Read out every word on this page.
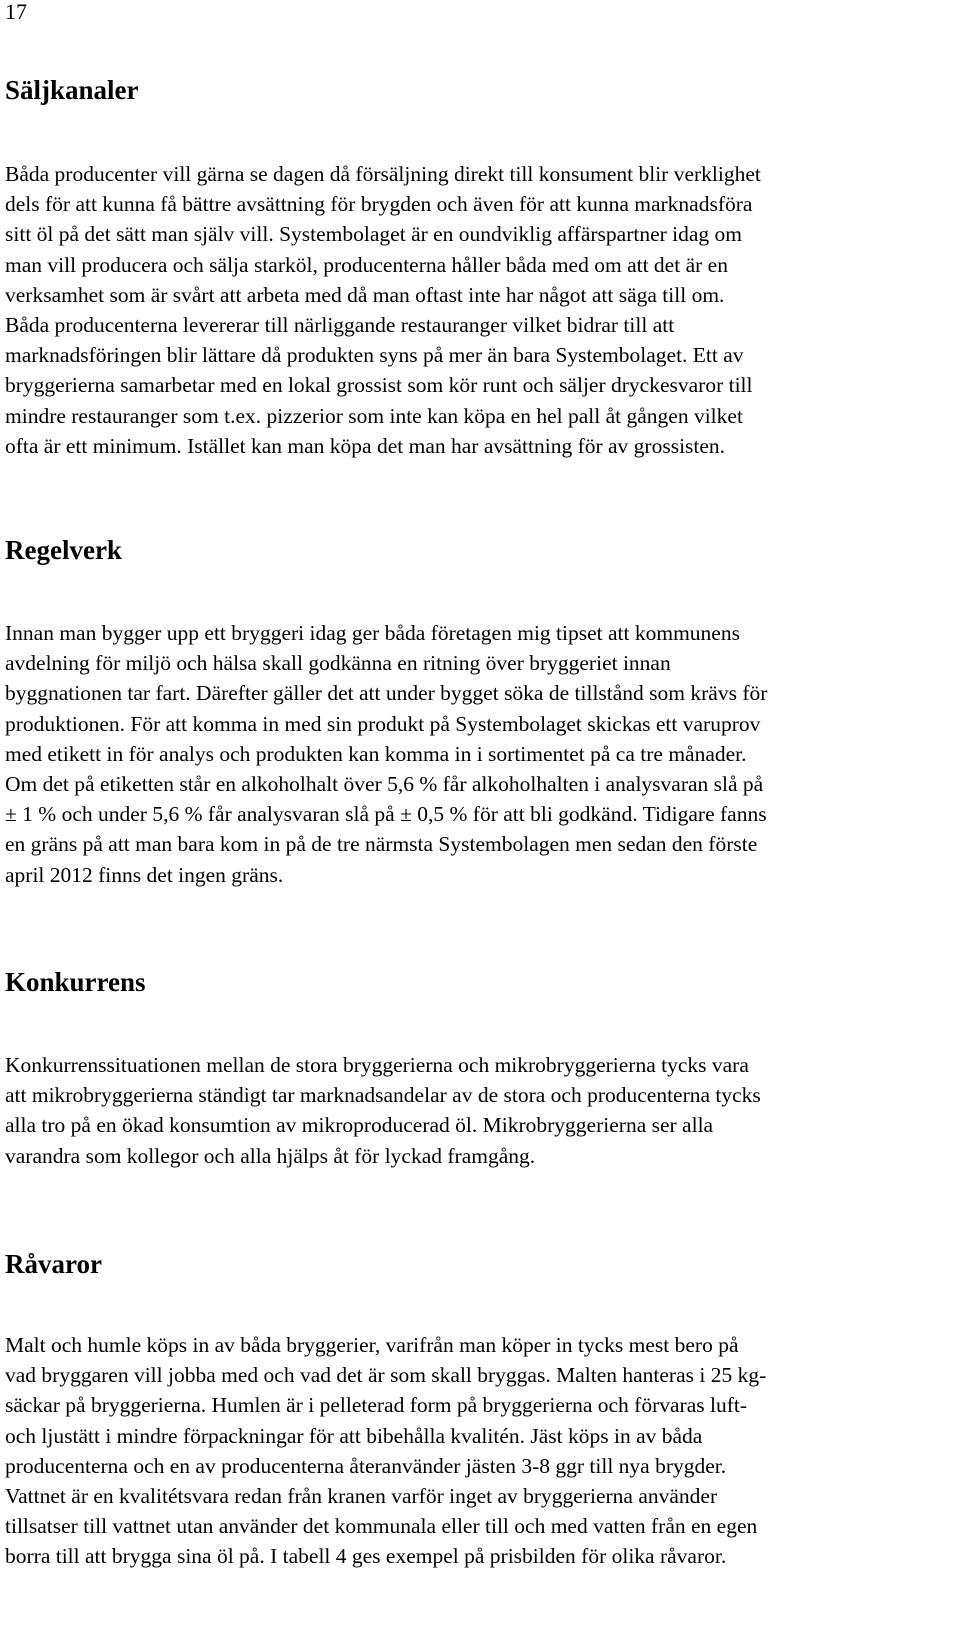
17
Säljkanaler
Båda producenter vill gärna se dagen då försäljning direkt till konsument blir verklighet
dels för att kunna få bättre avsättning för brygden och även för att kunna marknadsföra
sitt öl på det sätt man själv vill. Systembolaget är en oundviklig affärspartner idag om
man vill producera och sälja starköl, producenterna håller båda med om att det är en
verksamhet som är svårt att arbeta med då man oftast inte har något att säga till om.
Båda producenterna levererar till närliggande restauranger vilket bidrar till att
marknadsföringen blir lättare då produkten syns på mer än bara Systembolaget. Ett av
bryggerierna samarbetar med en lokal grossist som kör runt och säljer dryckesvaror till
mindre restauranger som t.ex. pizzerior som inte kan köpa en hel pall åt gången vilket
ofta är ett minimum. Istället kan man köpa det man har avsättning för av grossisten.
Regelverk
Innan man bygger upp ett bryggeri idag ger båda företagen mig tipset att kommunens
avdelning för miljö och hälsa skall godkänna en ritning över bryggeriet innan
byggnationen tar fart. Därefter gäller det att under bygget söka de tillstånd som krävs för
produktionen. För att komma in med sin produkt på Systembolaget skickas ett varuprov
med etikett in för analys och produkten kan komma in i sortimentet på ca tre månader.
Om det på etiketten står en alkoholhalt över 5,6 % får alkoholhalten i analysvaran slå på
± 1 % och under 5,6 % får analysvaran slå på ± 0,5 % för att bli godkänd. Tidigare fanns
en gräns på att man bara kom in på de tre närmsta Systembolagen men sedan den förste
april 2012 finns det ingen gräns.
Konkurrens
Konkurrenssituationen mellan de stora bryggerierna och mikrobryggerierna tycks vara
att mikrobryggerierna ständigt tar marknadsandelar av de stora och producenterna tycks
alla tro på en ökad konsumtion av mikroproducerad öl. Mikrobryggerierna ser alla
varandra som kollegor och alla hjälps åt för lyckad framgång.
Råvaror
Malt och humle köps in av båda bryggerier, varifrån man köper in tycks mest bero på
vad bryggaren vill jobba med och vad det är som skall bryggas. Malten hanteras i 25 kg-
säckar på bryggerierna. Humlen är i pelleterad form på bryggerierna och förvaras luft-
och ljustätt i mindre förpackningar för att bibehålla kvalitén. Jäst köps in av båda
producenterna och en av producenterna återanvänder jästen 3-8 ggr till nya brygder.
Vattnet är en kvalitétsvara redan från kranen varför inget av bryggerierna använder
tillsatser till vattnet utan använder det kommunala eller till och med vatten från en egen
borra till att brygga sina öl på. I tabell 4 ges exempel på prisbilden för olika råvaror.
